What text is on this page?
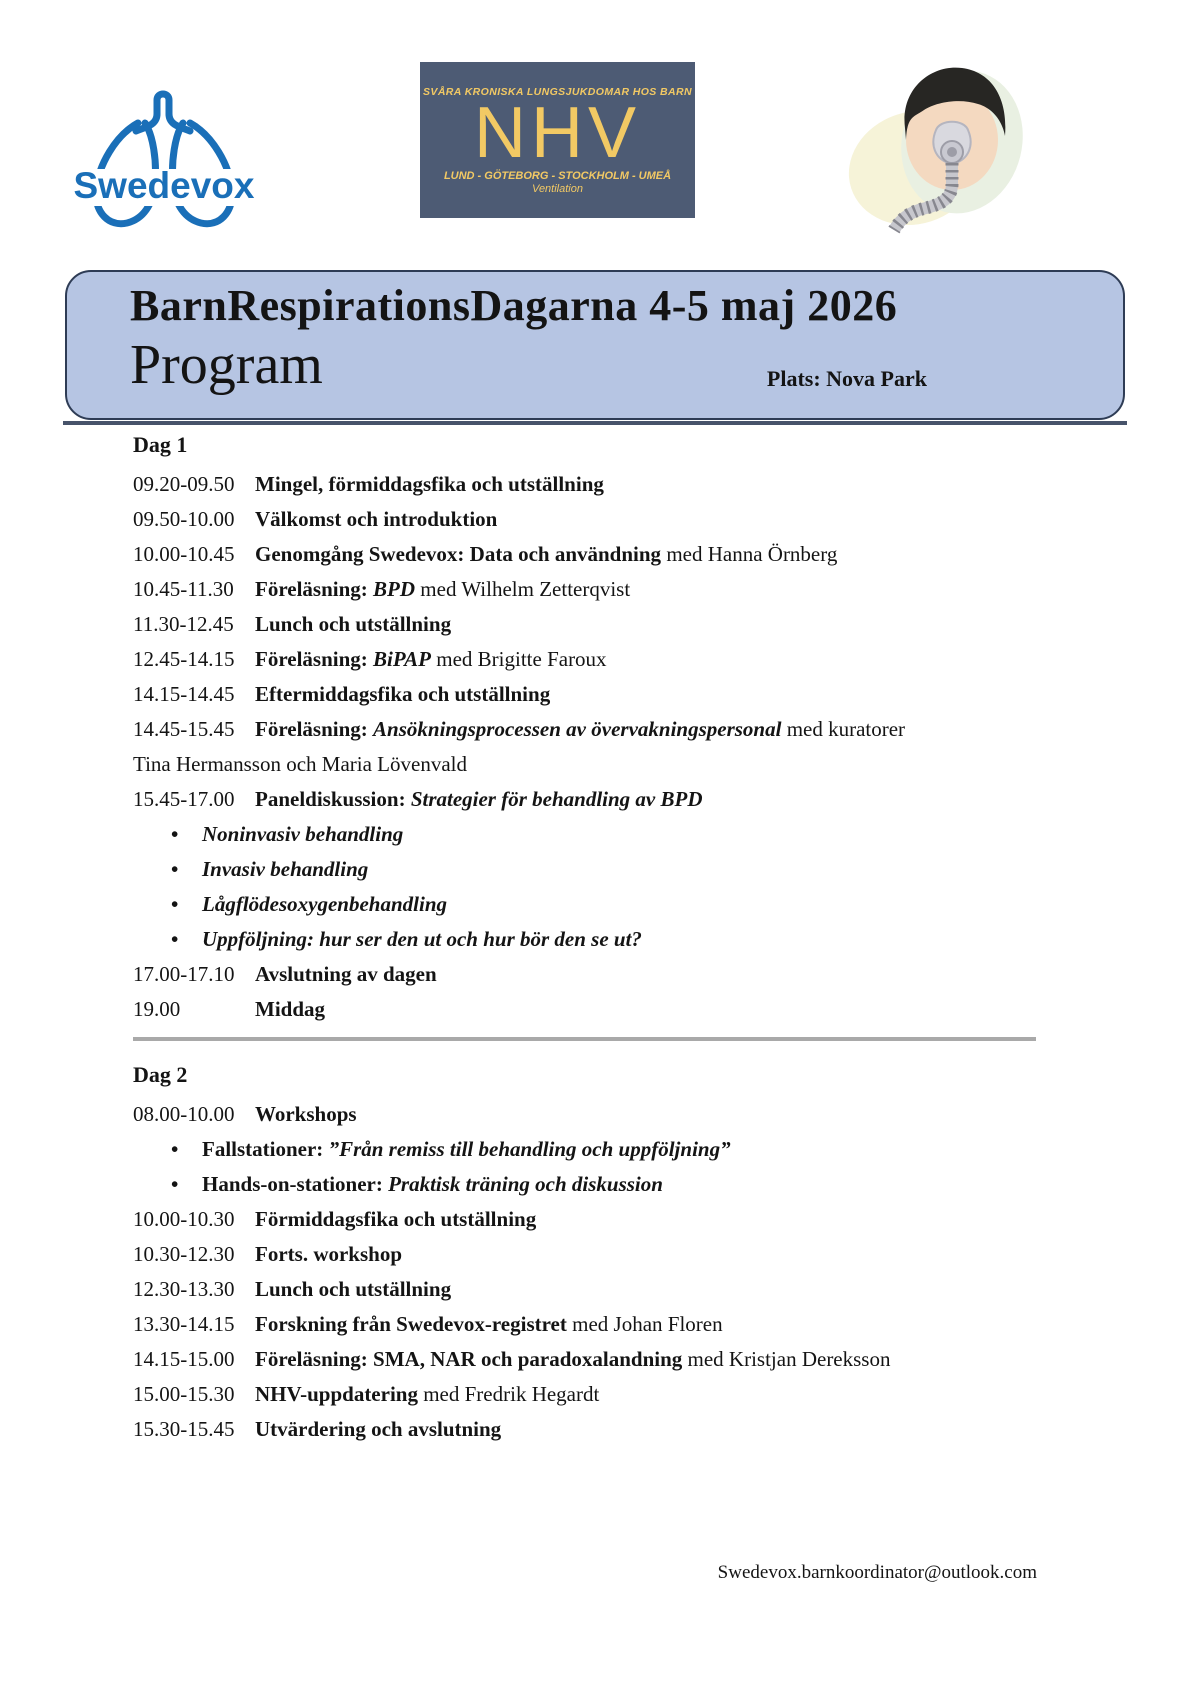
Swedevox
SVÅRA KRONISKA LUNGSJUKDOMAR HOS BARN
NHV
LUND - GÖTEBORG - STOCKHOLM - UMEÅ
Ventilation
BarnRespirationsDagarna 4-5 maj 2026
Program	Plats: Nova Park
Dag 1
09.20-09.50 Mingel, förmiddagsfika och utställning
09.50-10.00 Välkomst och introduktion
10.00-10.45 Genomgång Swedevox: Data och användning med Hanna Örnberg
10.45-11.30	Föreläsning: BPD med Wilhelm Zetterqvist
11.30-12.45	Lunch och utställning
12.45-14.15 Föreläsning: BiPAP med Brigitte Faroux
14.15-14.45 Eftermiddagsfika och utställning
14.45-15.45 Föreläsning: Ansökningsprocessen av övervakningspersonal med kuratorer
Tina Hermansson och Maria Lövenvald
15.45-17.00 Paneldiskussion: Strategier för behandling av BPD
•
Noninvasiv behandling
•
Invasiv behandling
•
Lågflödesoxygenbehandling
•
Uppföljning: hur ser den ut och hur bör den se ut?
17.00-17.10 Avslutning av dagen
19.00	Middag
Dag 2
08.00-10.00 Workshops
•
Fallstationer: ”Från remiss till behandling och uppföljning”
•
Hands-on-stationer: Praktisk träning och diskussion
10.00-10.30 Förmiddagsfika och utställning
10.30-12.30 Forts. workshop
12.30-13.30 Lunch och utställning
13.30-14.15 Forskning från Swedevox-registret med Johan Floren
14.15-15.00 Föreläsning: SMA, NAR och paradoxalandning med Kristjan Dereksson
15.00-15.30 NHV-uppdatering med Fredrik Hegardt
15.30-15.45 Utvärdering och avslutning
Swedevox.barnkoordinator@outlook.com
